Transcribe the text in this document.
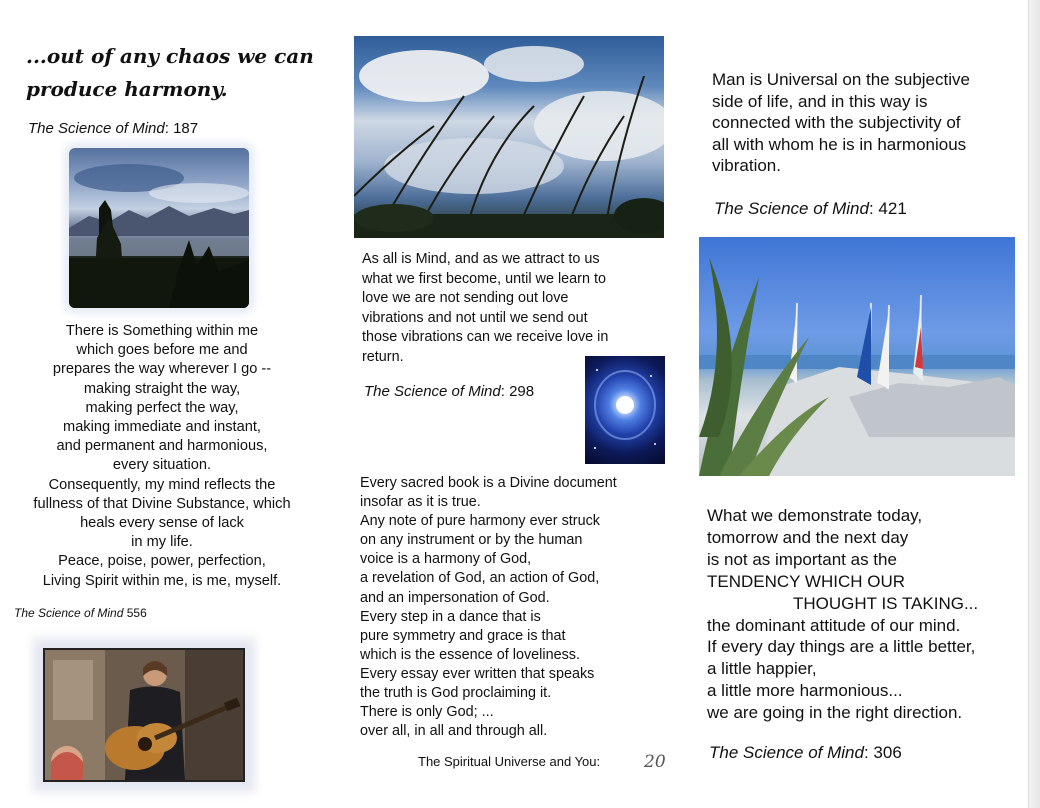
...out of any chaos we can
produce harmony.
The Science of Mind: 187
There is Something within me
which goes before me and
prepares the way wherever I go --
making straight the way,
making perfect the way,
making immediate and instant,
and permanent and harmonious,
every situation.
Consequently, my mind reflects the
fullness of that Divine Substance, which
heals every sense of lack
in my life.
Peace, poise, power, perfection,
Living Spirit within me, is me, myself.
The Science of Mind 556
As all is Mind, and as we attract to us
what we first become, until we learn to
love we are not sending out love
vibrations and not until we send out
those vibrations can we receive love in
return.
The Science of Mind: 298
Every sacred book is a Divine document
insofar as it is true.
Any note of pure harmony ever struck
on any instrument or by the human
voice is a harmony of God,
a revelation of God, an action of God,
and an impersonation of God.
Every step in a dance that is
pure symmetry and grace is that
which is the essence of loveliness.
Every essay ever written that speaks
the truth is God proclaiming it.
There is only God; ...
over all, in all and through all.
The Spiritual Universe and You:	20
Man is Universal on the subjective
side of life, and in this way is
connected with the subjectivity of
all with whom he is in harmonious
vibration.
The Science of Mind: 421
What we demonstrate today,
tomorrow and the next day
is not as important as the
TENDENCY WHICH OUR
THOUGHT IS TAKING...
the dominant attitude of our mind.
If every day things are a little better,
a little happier,
a little more harmonious...
we are going in the right direction.
The Science of Mind: 306
